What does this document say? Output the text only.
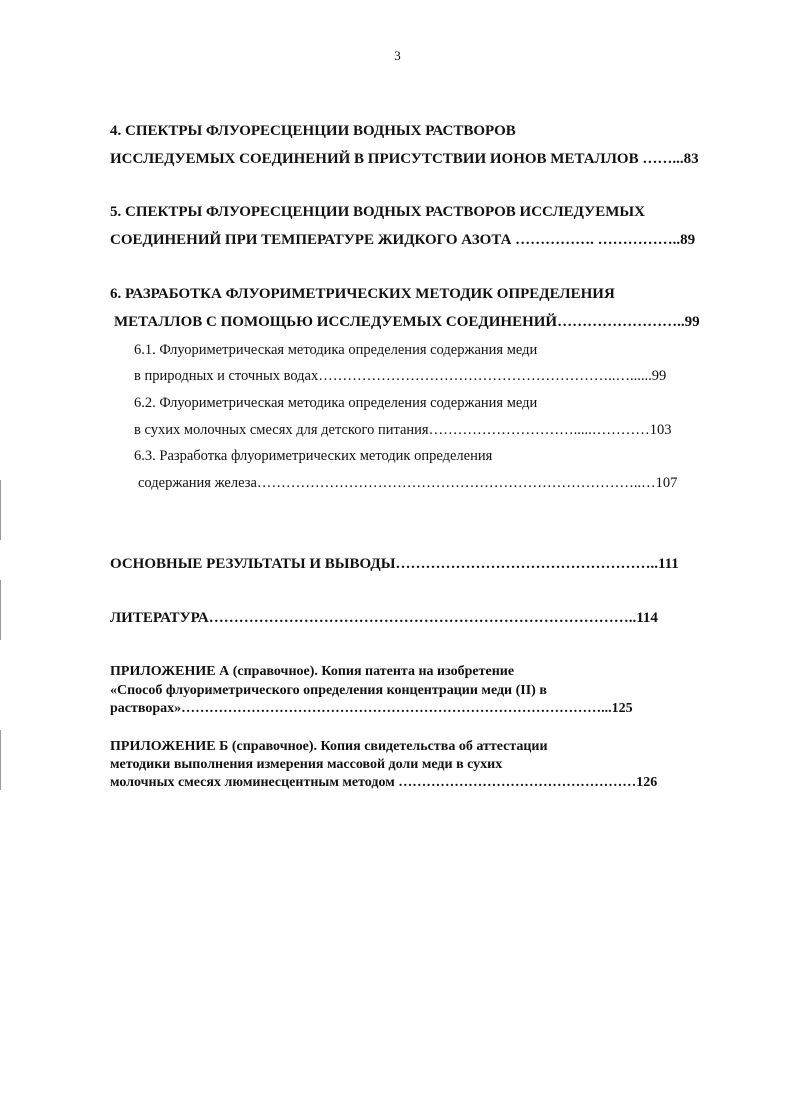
3
4. СПЕКТРЫ ФЛУОРЕСЦЕНЦИИ ВОДНЫХ РАСТВОРОВ
ИССЛЕДУЕМЫХ СОЕДИНЕНИЙ В ПРИСУТСТВИИ ИОНОВ МЕТАЛЛОВ ……...83
5. СПЕКТРЫ ФЛУОРЕСЦЕНЦИИ ВОДНЫХ РАСТВОРОВ ИССЛЕДУЕМЫХ
СОЕДИНЕНИЙ ПРИ ТЕМПЕРАТУРЕ ЖИДКОГО АЗОТА ……………. ……………..89
6. РАЗРАБОТКА ФЛУОРИМЕТРИЧЕСКИХ МЕТОДИК ОПРЕДЕЛЕНИЯ
МЕТАЛЛОВ С ПОМОЩЬЮ ИССЛЕДУЕМЫХ СОЕДИНЕНИЙ……………………..99
6.1. Флуориметрическая методика определения содержания меди
в природных и сточных водах……………………………………………………..…......99
6.2. Флуориметрическая методика определения содержания меди
в сухих молочных смесях для детского питания………………………….....…………103
6.3. Разработка флуориметрических методик определения
содержания железа……………………………………………………………………..…107
ОСНОВНЫЕ РЕЗУЛЬТАТЫ И ВЫВОДЫ……………………………………………..111
ЛИТЕРАТУРА…………………………………………………………………………..114
ПРИЛОЖЕНИЕ А (справочное). Копия патента на изобретение
«Способ флуориметрического определения концентрации меди (II) в
растворах»………………………………………………………………………………...125
ПРИЛОЖЕНИЕ Б (справочное). Копия свидетельства об аттестации
методики выполнения измерения массовой доли меди в сухих
молочных смесях люминесцентным методом ……………………………………………126
